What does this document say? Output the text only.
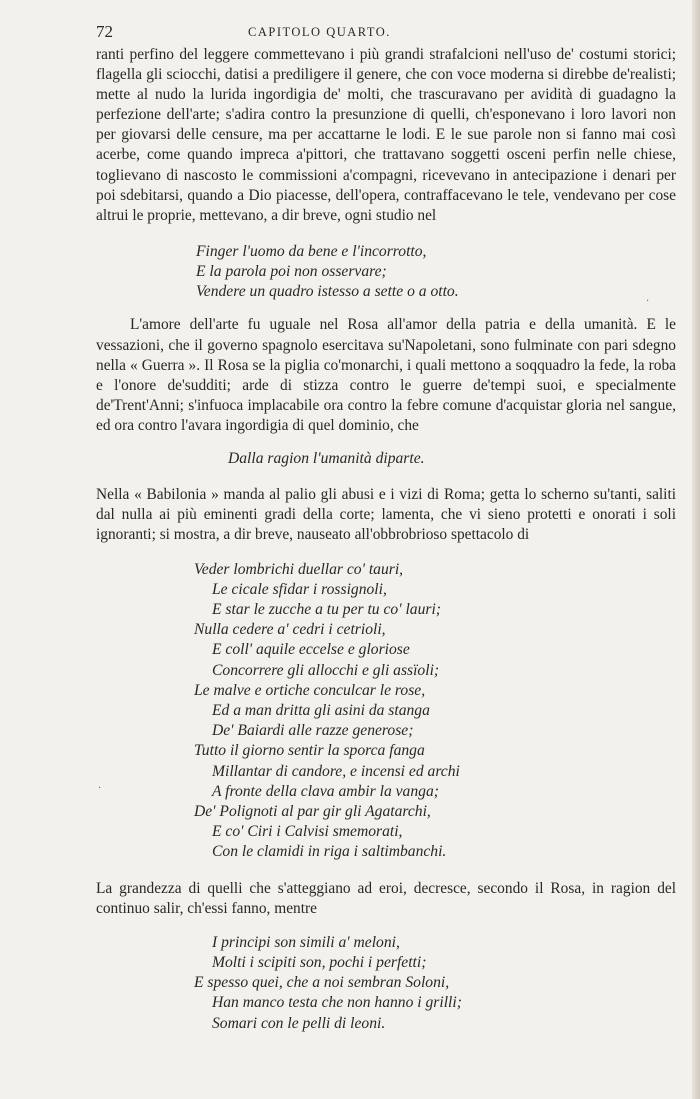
72	CAPITOLO QUARTO.

ranti perfino del leggere commettevano i più grandi strafalcioni nell'uso de' costumi storici; flagella gli sciocchi, datisi a prediligere il genere, che con voce moderna si direbbe de'realisti; mette al nudo la lurida ingordigia de' molti, che trascuravano per avidità di guadagno la perfezione dell'arte; s'adira contro la presunzione di quelli, ch'esponevano i loro lavori non per giovarsi delle censure, ma per accattarne le lodi. E le sue parole non si fanno mai così acerbe, come quando impreca a'pittori, che trattavano soggetti osceni perfin nelle chiese, toglievano di nascosto le commissioni a'compagni, ricevevano in antecipazione i denari per poi sdebitarsi, quando a Dio piacesse, dell'opera, contraffacevano le tele, vendevano per cose altrui le proprie, mettevano, a dir breve, ogni studio nel

Finger l'uomo da bene e l'incorrotto,
E la parola poi non osservare;
Vendere un quadro istesso a sette o a otto.

L'amore dell'arte fu uguale nel Rosa all'amor della patria e della umanità. E le vessazioni, che il governo spagnolo esercitava su'Napoletani, sono fulminate con pari sdegno nella « Guerra ». Il Rosa se la piglia co'monarchi, i quali mettono a soqquadro la fede, la roba e l'onore de'sudditi; arde di stizza contro le guerre de'tempi suoi, e specialmente de'Trent'Anni; s'infuoca implacabile ora contro la febre comune d'acquistar gloria nel sangue, ed ora contro l'avara ingordigia di quel dominio, che

Dalla ragion l'umanità diparte.

Nella « Babilonia » manda al palio gli abusi e i vizi di Roma; getta lo scherno su'tanti, saliti dal nulla ai più eminenti gradi della corte; lamenta, che vi sieno protetti e onorati i soli ignoranti; si mostra, a dir breve, nauseato all'obbrobrioso spettacolo di

Veder lombrichi duellar co' tauri,
Le cicale sfidar i rossignoli,
E star le zucche a tu per tu co' lauri;
Nulla cedere a' cedri i cetrioli,
E coll' aquile eccelse e gloriose
Concorrere gli allocchi e gli assïoli;
Le malve e ortiche conculcar le rose,
Ed a man dritta gli asini da stanga
De' Baiardi alle razze generose;
Tutto il giorno sentir la sporca fanga
Millantar di candore, e incensi ed archi
A fronte della clava ambir la vanga;
De' Polignoti al par gir gli Agatarchi,
E co' Ciri i Calvisi smemorati,
Con le clamidi in riga i saltimbanchi.

La grandezza di quelli che s'atteggiano ad eroi, decresce, secondo il Rosa, in ragion del continuo salir, ch'essi fanno, mentre

I principi son simili a' meloni,
Molti i scipiti son, pochi i perfetti;
E spesso quei, che a noi sembran Soloni,
Han manco testa che non hanno i grilli;
Somari con le pelli di leoni.
·
·
